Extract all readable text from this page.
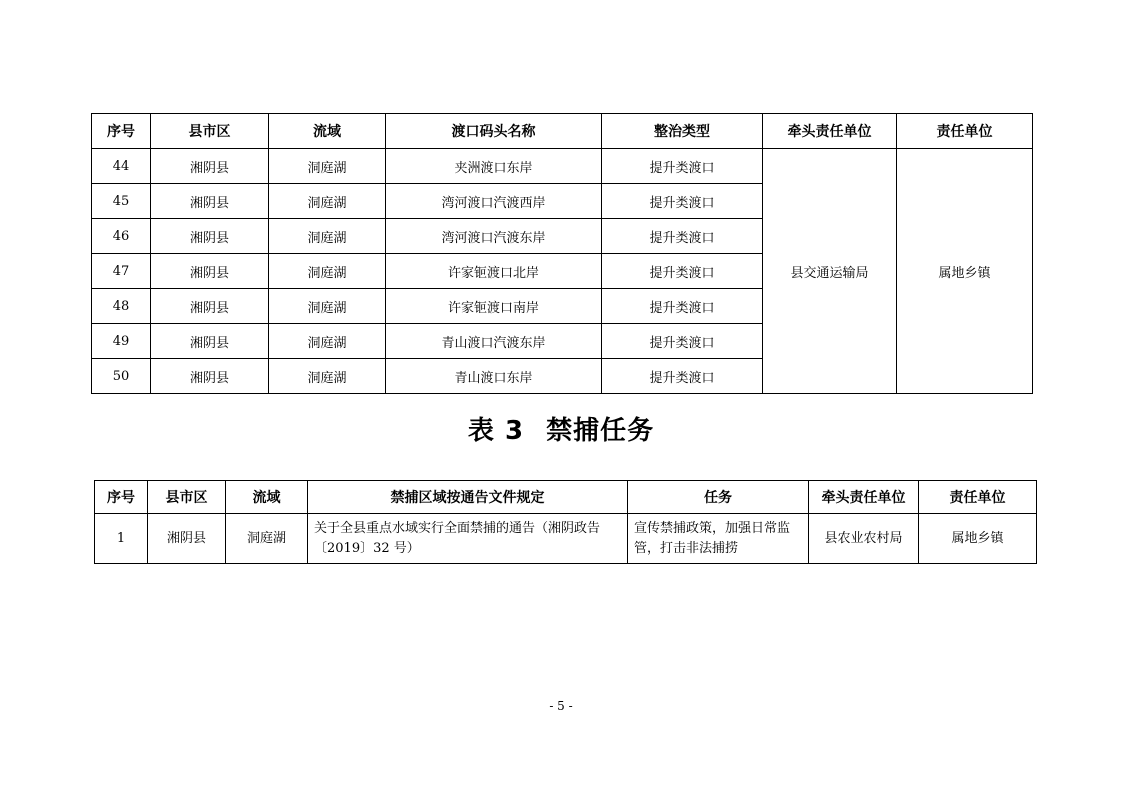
序号	县市区	流域	渡口码头名称	整治类型	牵头责任单位	责任单位
44	湘阴县	洞庭湖	夹洲渡口东岸	提升类渡口	县交通运输局	属地乡镇
45	湘阴县	洞庭湖	湾河渡口汽渡西岸	提升类渡口		
46	湘阴县	洞庭湖	湾河渡口汽渡东岸	提升类渡口		
47	湘阴县	洞庭湖	许家钷渡口北岸	提升类渡口		
48	湘阴县	洞庭湖	许家钷渡口南岸	提升类渡口		
49	湘阴县	洞庭湖	青山渡口汽渡东岸	提升类渡口		
50	湘阴县	洞庭湖	青山渡口东岸	提升类渡口		
表 3 禁捕任务
序号	县市区	流域	禁捕区域按通告文件规定	任务	牵头责任单位	责任单位
1	湘阴县	洞庭湖	关于全县重点水域实行全面禁捕的通告（湘阴政告〔2019〕32 号）	宣传禁捕政策，加强日常监管，打击非法捕捞	县农业农村局	属地乡镇
- 5 -
